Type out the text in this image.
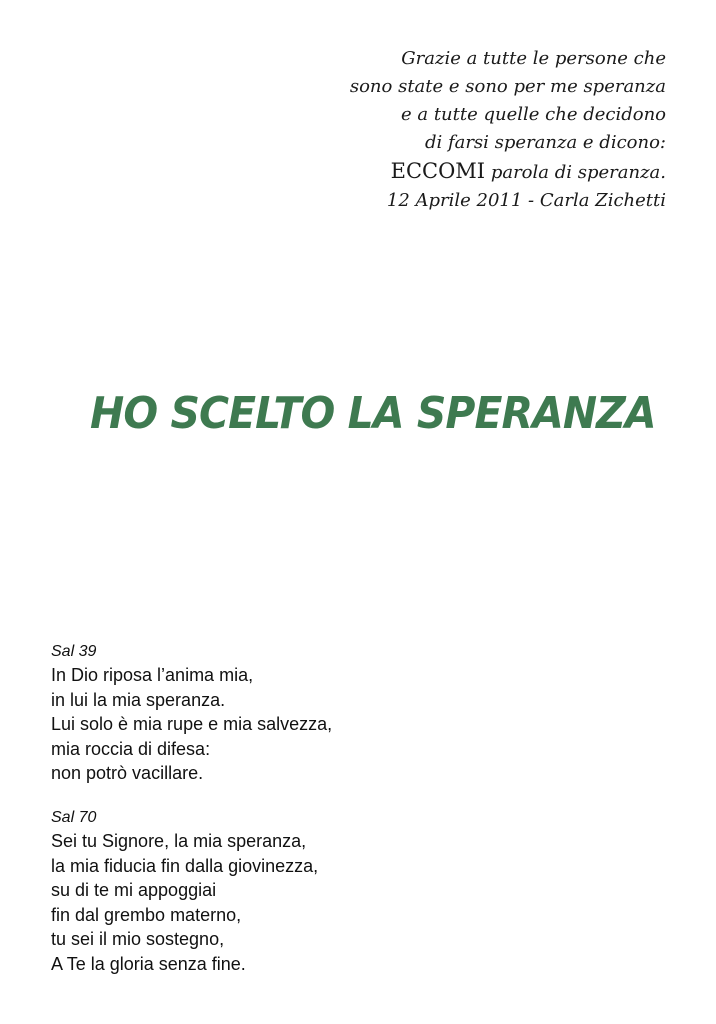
Grazie a tutte le persone che
sono state e sono per me speranza
e a tutte quelle che decidono
di farsi speranza e dicono:
ECCOMI parola di speranza.
12 Aprile 2011 - Carla Zichetti
HO SCELTO LA SPERANZA
Sal 39
In Dio riposa l’anima mia,
in lui la mia speranza.
Lui solo è mia rupe e mia salvezza,
mia roccia di difesa:
non potrò vacillare.
Sal 70
Sei tu Signore, la mia speranza,
la mia fiducia fin dalla giovinezza,
su di te mi appoggiai
fin dal grembo materno,
tu sei il mio sostegno,
A Te la gloria senza fine.
